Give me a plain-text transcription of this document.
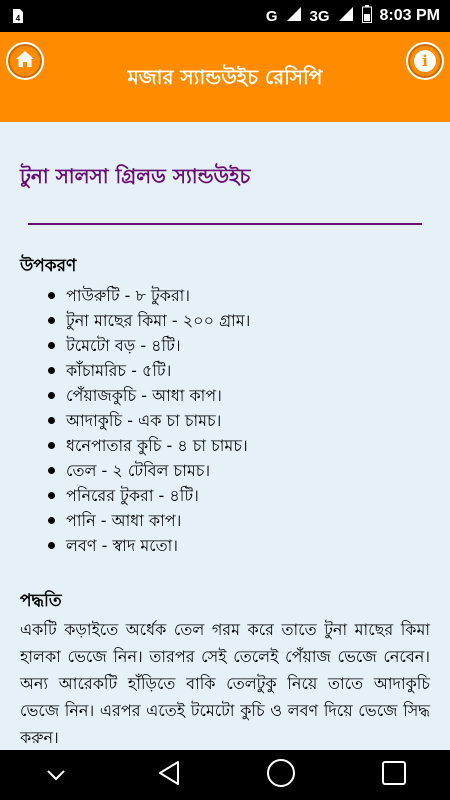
4	G 3G	8:03 PM
মজার স্যান্ডউইচ রেসিপি
i
টুনা সালসা গ্রিলড স্যান্ডউইচ
উপকরণ
পাউরুটি - ৮ টুকরা।
টুনা মাছের কিমা - ২০০ গ্রাম।
টমেটো বড় - ৪টি।
কাঁচামরিচ - ৫টি।
পেঁয়াজকুচি - আধা কাপ।
আদাকুচি - এক চা চামচ।
ধনেপাতার কুচি - ৪ চা চামচ।
তেল - ২ টেবিল চামচ।
পনিরের টুকরা - ৪টি।
পানি - আধা কাপ।
লবণ - স্বাদ মতো।
পদ্ধতি
একটি কড়াইতে অর্ধেক তেল গরম করে তাতে টুনা মাছের কিমা হালকা ভেজে নিন। তারপর সেই তেলেই পেঁয়াজ ভেজে নেবেন। অন্য আরেকটি হাঁড়িতে বাকি তেলটুকু নিয়ে তাতে আদাকুচি ভেজে নিন। এরপর এতেই টমেটো কুচি ও লবণ দিয়ে ভেজে সিদ্ধ করুন।
